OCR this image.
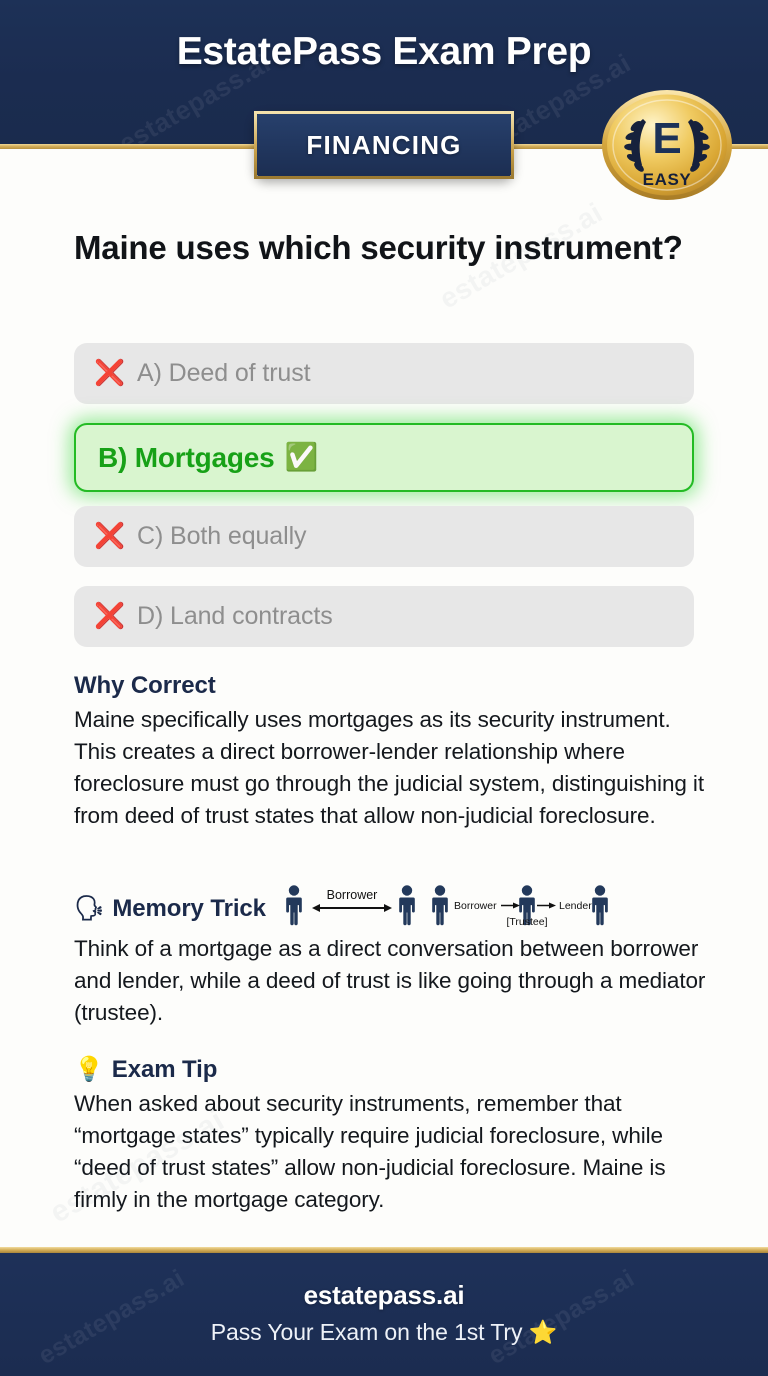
estatepass.ai	estatepass.ai
EstatePass Exam Prep
FINANCING	E
EASY
Maine uses which security instrument?
❌ A) Deed of trust
B) Mortgages ✅
❌ C) Both equally
❌ D) Land contracts
Why Correct

Maine specifically uses mortgages as its security instrument. This creates a direct borrower-lender relationship where foreclosure must go through the judicial system, distinguishing it from deed of trust states that allow non-judicial foreclosure.

🗣 Memory Trick	Borrower
Borrower	Lender
[Trustee]

Think of a mortgage as a direct conversation between borrower and lender, while a deed of trust is like going through a mediator (trustee).

💡 Exam Tip

When asked about security instruments, remember that “mortgage states” typically require judicial foreclosure, while “deed of trust states” allow non-judicial foreclosure. Maine is firmly in the mortgage category.

estatepass.ai	estatepass.ai
estatepass.ai
Pass Your Exam on the 1st Try ⭐
